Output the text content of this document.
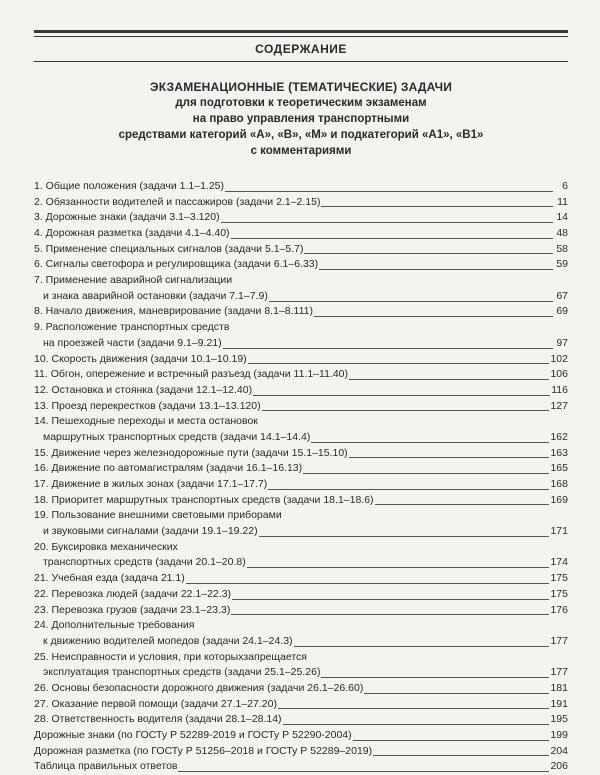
СОДЕРЖАНИЕ
ЭКЗАМЕНАЦИОННЫЕ (ТЕМАТИЧЕСКИЕ) ЗАДАЧИ
для подготовки к теоретическим экзаменам
на право управления транспортными
средствами категорий «А», «В», «М» и подкатегорий «А1», «В1»
с комментариями
1. Общие положения (задачи 1.1–1.25)	6
2. Обязанности водителей и пассажиров (задачи 2.1–2.15)	11
3. Дорожные знаки (задачи 3.1–3.120)	14
4. Дорожная разметка (задачи 4.1–4.40)	48
5. Применение специальных сигналов (задачи 5.1–5.7)	58
6. Сигналы светофора и регулировщика (задачи 6.1–6.33)	59
7. Применение аварийной сигнализации
и знака аварийной остановки (задачи 7.1–7.9)	67
8. Начало движения, маневрирование (задачи 8.1–8.111)	69
9. Расположение транспортных средств
на проезжей части (задачи 9.1–9.21)	97
10. Скорость движения (задачи 10.1–10.19)	102
11. Обгон, опережение и встречный разъезд (задачи 11.1–11.40)	106
12. Остановка и стоянка (задачи 12.1–12.40)	116
13. Проезд перекрестков (задачи 13.1–13.120)	127
14. Пешеходные переходы и места остановок
маршрутных транспортных средств (задачи 14.1–14.4)	162
15. Движение через железнодорожные пути (задачи 15.1–15.10)	163
16. Движение по автомагистралям (задачи 16.1–16.13)	165
17. Движение в жилых зонах (задачи 17.1–17.7)	168
18. Приоритет маршрутных транспортных средств (задачи 18.1–18.6)	169
19. Пользование внешними световыми приборами
и звуковыми сигналами (задачи 19.1–19.22)	171
20. Буксировка механических
транспортных средств (задачи 20.1–20.8)	174
21. Учебная езда (задача 21.1)	175
22. Перевозка людей (задачи 22.1–22.3)	175
23. Перевозка грузов (задачи 23.1–23.3)	176
24. Дополнительные требования
к движению водителей мопедов (задачи 24.1–24.3)	177
25. Неисправности и условия, при которыхзапрещается
эксплуатация транспортных средств (задачи 25.1–25.26)	177
26. Основы безопасности дорожного движения (задачи 26.1–26.60)	181
27. Оказание первой помощи (задачи 27.1–27.20)	191
28. Ответственность водителя (задачи 28.1–28.14)	195
Дорожные знаки (по ГОСТу Р 52289-2019 и ГОСТу Р 52290-2004)	199
Дорожная разметка (по ГОСТу Р 51256–2018 и ГОСТу Р 52289–2019)	204
Таблица правильных ответов	206
